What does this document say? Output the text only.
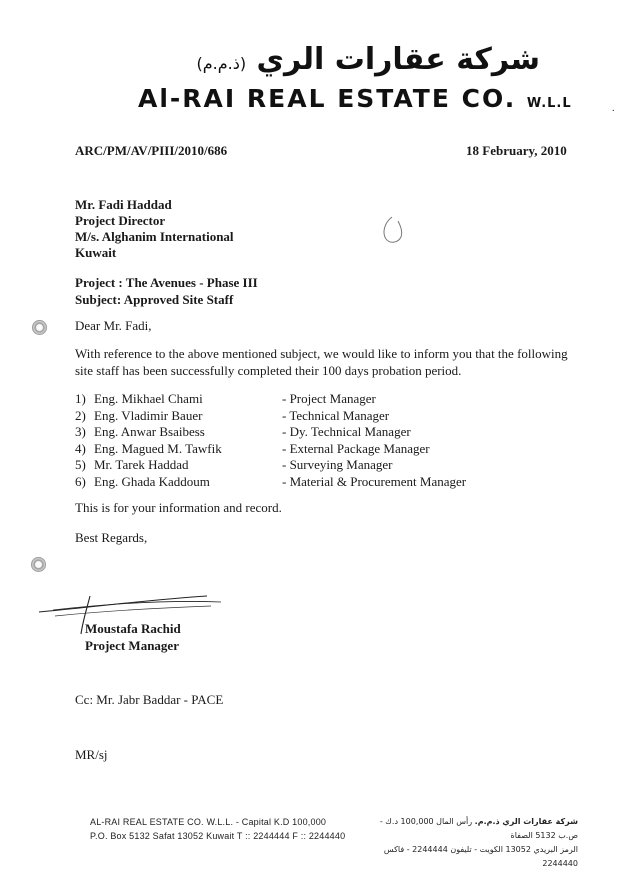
شركة عقارات الري (ذ.م.م)
Al-RAI REAL ESTATE CO. W.L.L	.
ARC/PM/AV/PIII/2010/686	18 February, 2010
Mr. Fadi Haddad
Project Director
M/s. Alghanim International
Kuwait
Project : The Avenues - Phase III
Subject: Approved Site Staff
Dear Mr. Fadi,
With reference to the above mentioned subject, we would like to inform you that the following site staff has been successfully completed their 100 days probation period.
1) Eng. Mikhael Chami	- Project Manager
2) Eng. Vladimir Bauer	- Technical Manager
3) Eng. Anwar Bsaibess	- Dy. Technical Manager
4) Eng. Magued M. Tawfik	- External Package Manager
5) Mr. Tarek Haddad	- Surveying Manager
6) Eng. Ghada Kaddoum	- Material & Procurement Manager
This is for your information and record.
Best Regards,
Moustafa Rachid
Project Manager
Cc: Mr. Jabr Baddar - PACE
MR/sj
AL-RAI REAL ESTATE CO. W.L.L. - Capital K.D 100,000
P.O. Box 5132 Safat 13052 Kuwait T :: 2244444 F :: 2244440
شركة عقارات الري ذ.م.م. رأس المال 100,000 د.ك - ص.ب 5132 الصفاة
الرمز البريدي 13052 الكويت - تليفون 2244444 - فاكس 2244440
